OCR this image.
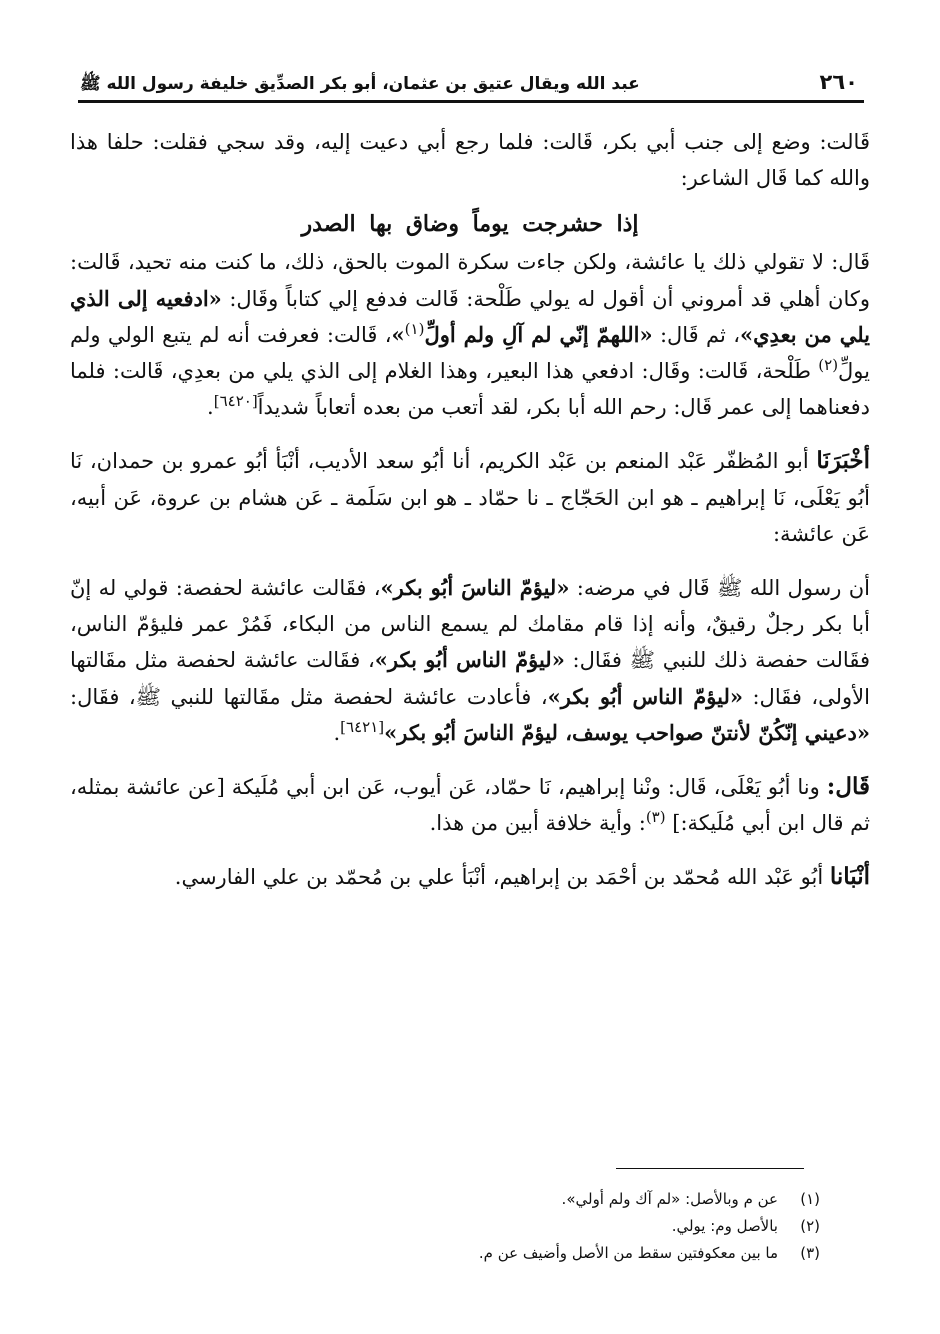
٢٦٠
عبد الله ويقال عتيق بن عثمان، أبو بكر الصدِّيق خليفة رسول الله ﷺ

قَالت: وضع إلى جنب أبي بكر، قَالت: فلما رجع أبي دعيت إليه، وقد سجي فقلت: حلفا هذا والله كما قَال الشاعر:

إذا حشرجت يوماً وضاق بها الصدر

قَال: لا تقولي ذلك يا عائشة، ولكن جاءت سكرة الموت بالحق، ذلك، ما كنت منه تحيد، قَالت: وكان أهلي قد أمروني أن أقول له يولي طَلْحة: قَالت فدفع إلي كتاباً وقَال: «ادفعيه إلى الذي يلي من بعدِي»، ثم قَال: «اللهمّ إنّي لم آلِ ولم أولِّ$^{(١)}$»، قَالت: فعرفت أنه لم يتبع الولي ولم يولِّ$^{(٢)}$ طَلْحة، قَالت: وقَال: ادفعي هذا البعير، وهذا الغلام إلى الذي يلي من بعدِي، قَالت: فلما دفعناهما إلى عمر قَال: رحم الله أبا بكر، لقد أتعب من بعده أتعاباً شديداً[٦٤٢٠].

أخْبَرَنَا أبو المُظفّر عَبْد المنعم بن عَبْد الكريم، أنا أبُو سعد الأديب، أنْبَأ أبُو عمرو بن حمدان، نَا أبُو يَعْلَى، نَا إبراهيم ـ هو ابن الحَجّاج ـ نا حمّاد ـ هو ابن سَلَمة ـ عَن هشام بن عروة، عَن أبيه، عَن عائشة:

أن رسول الله ﷺ قَال في مرضه: «ليؤمّ الناسَ أبُو بكر»، فقَالت عائشة لحفصة: قولي له إنّ أبا بكر رجلٌ رقيقٌ، وأنه إذا قام مقامك لم يسمع الناس من البكاء، فَمُرْ عمر فليؤمّ الناس، فقَالت حفصة ذلك للنبي ﷺ فقَال: «ليؤمّ الناس أبُو بكر»، فقَالت عائشة لحفصة مثل مقَالتها الأولى، فقَال: «ليؤمّ الناس أبُو بكر»، فأعادت عائشة لحفصة مثل مقَالتها للنبي ﷺ، فقَال: «دعيني إنّكُنّ لأنتنّ صواحب يوسف، ليؤمّ الناسَ أبُو بكر»[٦٤٢١].

قَال: ونا أبُو يَعْلَى، قَال: ونْنا إبراهيم، نَا حمّاد، عَن أيوب، عَن ابن أبي مُلَيكة [عن عائشة بمثله، ثم قال ابن أبي مُلَيكة:] $^{(٣)}$: وأية خلافة أبين من هذا.

أنْبَانا أبُو عَبْد الله مُحمّد بن أحْمَد بن إبراهيم، أنْبَأ علي بن مُحمّد بن علي الفارسي.

(١)
عن م وبالأصل: «لم آك ولم أولي».
(٢)
بالأصل وم: يولي.
(٣)
ما بين معكوفتين سقط من الأصل وأضيف عن م.
